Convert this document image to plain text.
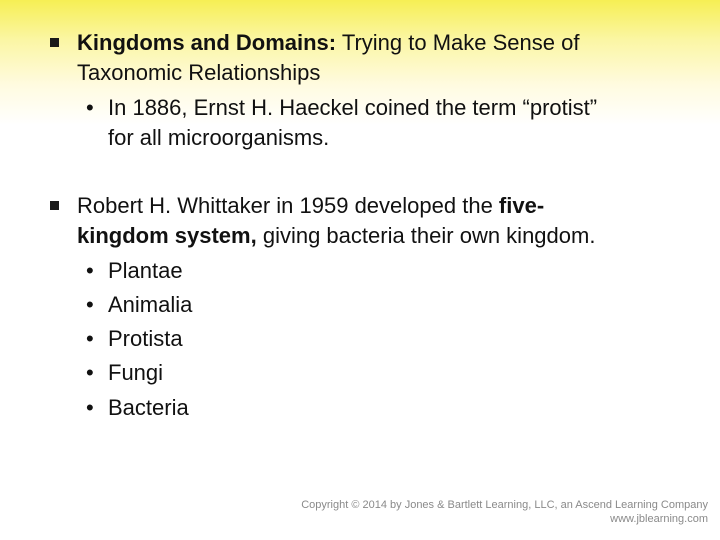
Kingdoms and Domains: Trying to Make Sense of
Taxonomic Relationships
• In 1886, Ernst H. Haeckel coined the term “protist”
for all microorganisms.
Robert H. Whittaker in 1959 developed the five-
kingdom system, giving bacteria their own kingdom.
• Plantae
• Animalia
• Protista
• Fungi
• Bacteria
Copyright © 2014 by Jones & Bartlett Learning, LLC, an Ascend Learning Company
www.jblearning.com
